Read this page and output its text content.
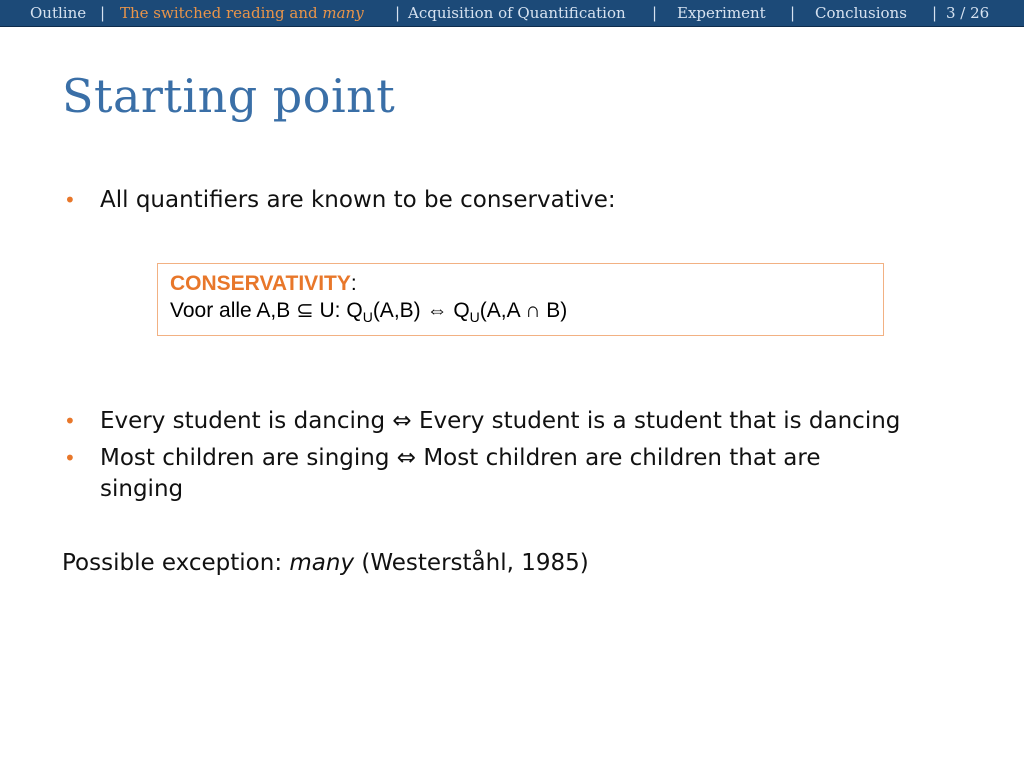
Outline | The switched reading and many | Acquisition of Quantification | Experiment | Conclusions | 3 / 26
Starting point
• All quantifiers are known to be conservative:
CONSERVATIVITY:
Voor alle A,B ⊆ U: $Q_U(A,B)$ ⇔ $Q_U(A,A$ ∩ B)
• Every student is dancing ⇔ Every student is a student that is dancing
• Most children are singing ⇔ Most children are children that are singing
Possible exception: many (Westerståhl, 1985)
